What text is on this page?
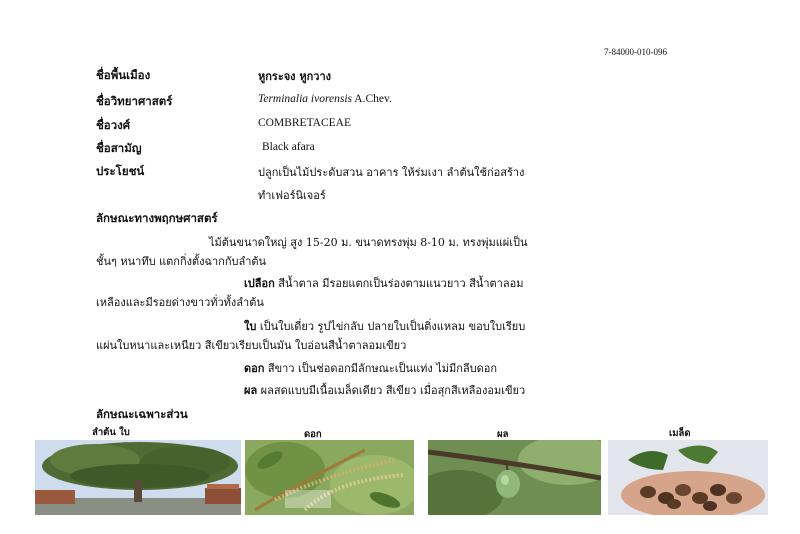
7-84000-010-096
ชื่อพื้นเมือง	หูกระจง หูกวาง
ชื่อวิทยาศาสตร์	Terminalia ivorensis A.Chev.
ชื่อวงศ์	COMBRETACEAE
ชื่อสามัญ	Black afara
ประโยชน์	ปลูกเป็นไม้ประดับสวน อาคาร ให้ร่มเงา ลำต้นใช้ก่อสร้าง
ทำเฟอร์นิเจอร์
ลักษณะทางพฤกษศาสตร์
ไม้ต้นขนาดใหญ่ สูง 15-20 ม. ขนาดทรงพุ่ม 8-10 ม. ทรงพุ่มแผ่เป็น
ชั้นๆ หนาทึบ แตกกิ่งตั้งฉากกับลำต้น
เปลือก สีน้ำตาล มีรอยแตกเป็นร่องตามแนวยาว สีน้ำตาลอม
เหลืองและมีรอยด่างขาวทั่วทั้งลำต้น
ใบ เป็นใบเดี่ยว รูปไข่กลับ ปลายใบเป็นติ่งแหลม ขอบใบเรียบ
แผ่นใบหนาและเหนียว สีเขียวเรียบเป็นมัน ใบอ่อนสีน้ำตาลอมเขียว
ดอก สีขาว เป็นช่อดอกมีลักษณะเป็นแท่ง ไม่มีกลีบดอก
ผล ผลสดแบบมีเนื้อเมล็ดเดียว สีเขียว เมื่อสุกสีเหลืองอมเขียว
ลักษณะเฉพาะส่วน
ลำต้น ใบ	ดอก	ผล	เมล็ด
